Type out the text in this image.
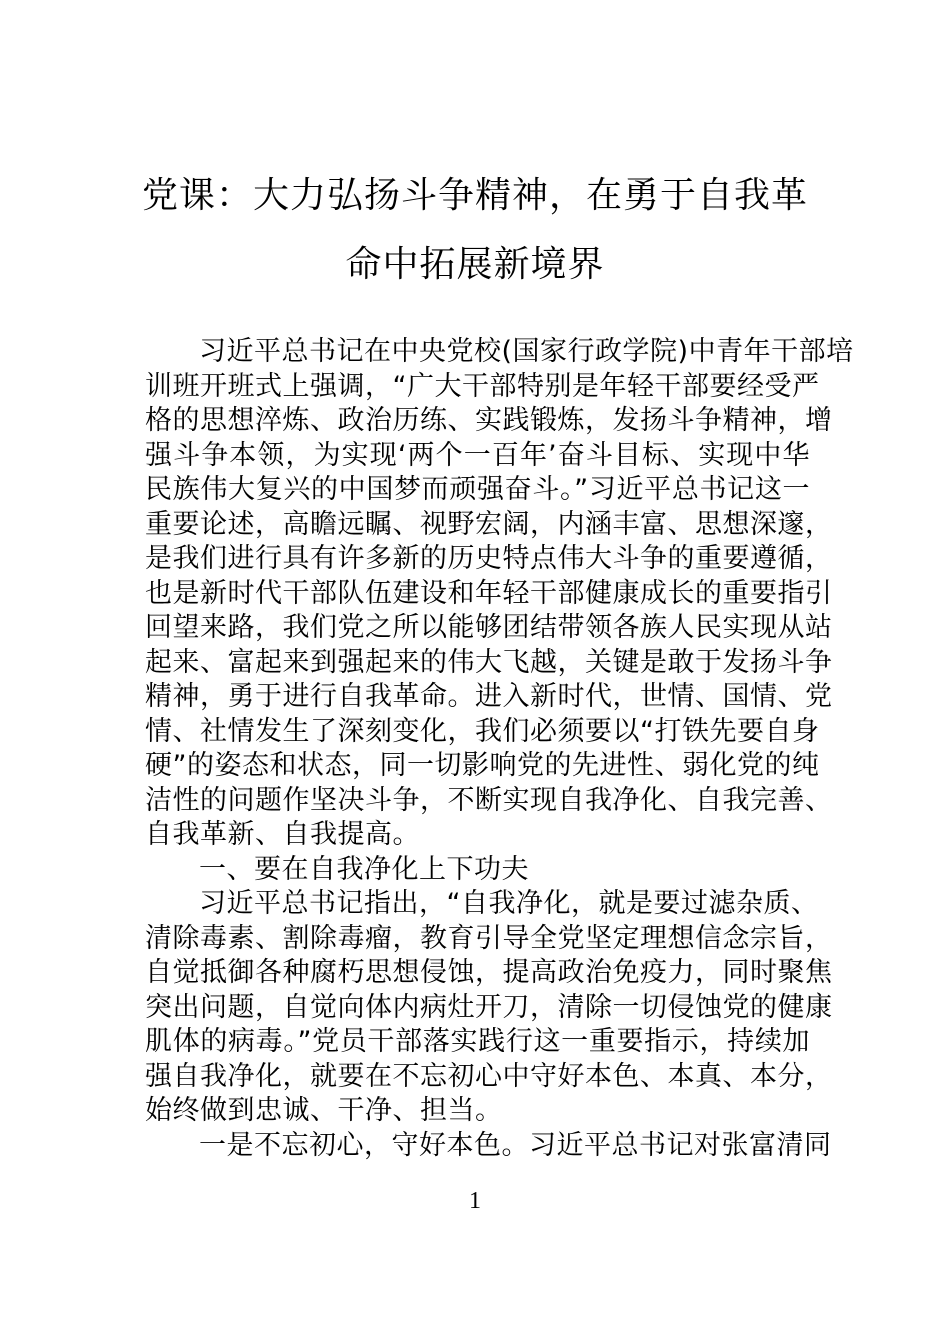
党课：大力弘扬斗争精神，在勇于自我革
命中拓展新境界
习近平总书记在中央党校(国家行政学院)中青年干部培
训班开班式上强调，“广大干部特别是年轻干部要经受严
格的思想淬炼、政治历练、实践锻炼，发扬斗争精神，增
强斗争本领，为实现‘两个一百年’奋斗目标、实现中华
民族伟大复兴的中国梦而顽强奋斗。”习近平总书记这一
重要论述，高瞻远瞩、视野宏阔，内涵丰富、思想深邃，
是我们进行具有许多新的历史特点伟大斗争的重要遵循，
也是新时代干部队伍建设和年轻干部健康成长的重要指引
回望来路，我们党之所以能够团结带领各族人民实现从站
起来、富起来到强起来的伟大飞越，关键是敢于发扬斗争
精神，勇于进行自我革命。进入新时代，世情、国情、党
情、社情发生了深刻变化，我们必须要以“打铁先要自身
硬”的姿态和状态，同一切影响党的先进性、弱化党的纯
洁性的问题作坚决斗争，不断实现自我净化、自我完善、
自我革新、自我提高。
一、要在自我净化上下功夫
习近平总书记指出，“自我净化，就是要过滤杂质、
清除毒素、割除毒瘤，教育引导全党坚定理想信念宗旨，
自觉抵御各种腐朽思想侵蚀，提高政治免疫力，同时聚焦
突出问题，自觉向体内病灶开刀，清除一切侵蚀党的健康
肌体的病毒。”党员干部落实践行这一重要指示，持续加
强自我净化，就要在不忘初心中守好本色、本真、本分，
始终做到忠诚、干净、担当。
一是不忘初心，守好本色。习近平总书记对张富清同
1
